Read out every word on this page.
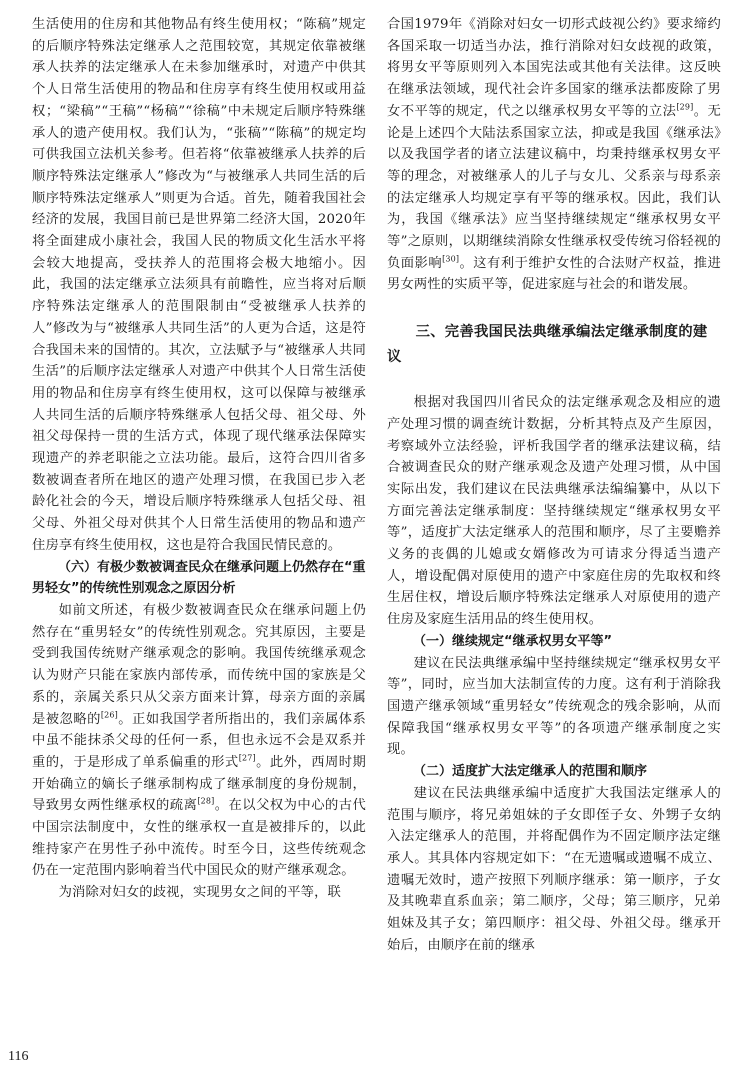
生活使用的住房和其他物品有终生使用权；“陈稿”规定的后顺序特殊法定继承人之范围较宽，其规定依靠被继承人扶养的法定继承人在未参加继承时，对遗产中供其个人日常生活使用的物品和住房享有终生使用权或用益权；“梁稿”“王稿”“杨稿”“徐稿”中未规定后顺序特殊继承人的遗产使用权。我们认为，“张稿”“陈稿”的规定均可供我国立法机关参考。但若将“依靠被继承人扶养的后顺序特殊法定继承人”修改为“与被继承人共同生活的后顺序特殊法定继承人”则更为合适。首先，随着我国社会经济的发展，我国目前已是世界第二经济大国，2020年将全面建成小康社会，我国人民的物质文化生活水平将会较大地提高，受扶养人的范围将会极大地缩小。因此，我国的法定继承立法须具有前瞻性，应当将对后顺序特殊法定继承人的范围限制由“受被继承人扶养的人”修改为与“被继承人共同生活”的人更为合适，这是符合我国未来的国情的。其次，立法赋予与“被继承人共同生活”的后顺序法定继承人对遗产中供其个人日常生活使用的物品和住房享有终生使用权，这可以保障与被继承人共同生活的后顺序特殊继承人包括父母、祖父母、外祖父母保持一贯的生活方式，体现了现代继承法保障实现遗产的养老职能之立法功能。最后，这符合四川省多数被调查者所在地区的遗产处理习惯，在我国已步入老龄化社会的今天，增设后顺序特殊继承人包括父母、祖父母、外祖父母对供其个人日常生活使用的物品和遗产住房享有终生使用权，这也是符合我国民情民意的。

（六）有极少数被调查民众在继承问题上仍然存在“重男轻女”的传统性别观念之原因分析

如前文所述，有极少数被调查民众在继承问题上仍然存在“重男轻女”的传统性别观念。究其原因，主要是受到我国传统财产继承观念的影响。我国传统继承观念认为财产只能在家族内部传承，而传统中国的家族是父系的，亲属关系只从父亲方面来计算，母亲方面的亲属是被忽略的[26]。正如我国学者所指出的，我们亲属体系中虽不能抹杀父母的任何一系，但也永远不会是双系并重的，于是形成了单系偏重的形式[27]。此外，西周时期开始确立的嫡长子继承制构成了继承制度的身份规制，导致男女两性继承权的疏离[28]。在以父权为中心的古代中国宗法制度中，女性的继承权一直是被排斥的，以此维持家产在男性子孙中流传。时至今日，这些传统观念仍在一定范围内影响着当代中国民众的财产继承观念。

为消除对妇女的歧视，实现男女之间的平等，联

合国1979年《消除对妇女一切形式歧视公约》要求缔约各国采取一切适当办法，推行消除对妇女歧视的政策，将男女平等原则列入本国宪法或其他有关法律。这反映在继承法领域，现代社会许多国家的继承法都废除了男女不平等的规定，代之以继承权男女平等的立法[29]。无论是上述四个大陆法系国家立法，抑或是我国《继承法》以及我国学者的诸立法建议稿中，均秉持继承权男女平等的理念，对被继承人的儿子与女儿、父系亲与母系亲的法定继承人均规定享有平等的继承权。因此，我们认为，我国《继承法》应当坚持继续规定“继承权男女平等”之原则，以期继续消除女性继承权受传统习俗轻视的负面影响[30]。这有利于维护女性的合法财产权益，推进男女两性的实质平等，促进家庭与社会的和谐发展。

三、完善我国民法典继承编法定继承制度的建议

根据对我国四川省民众的法定继承观念及相应的遗产处理习惯的调查统计数据，分析其特点及产生原因，考察域外立法经验，评析我国学者的继承法建议稿，结合被调查民众的财产继承观念及遗产处理习惯，从中国实际出发，我们建议在民法典继承法编编纂中，从以下方面完善法定继承制度：坚持继续规定“继承权男女平等”，适度扩大法定继承人的范围和顺序，尽了主要赡养义务的丧偶的儿媳或女婿修改为可请求分得适当遗产人，增设配偶对原使用的遗产中家庭住房的先取权和终生居住权，增设后顺序特殊法定继承人对原使用的遗产住房及家庭生活用品的终生使用权。

（一）继续规定“继承权男女平等”

建议在民法典继承编中坚持继续规定“继承权男女平等”，同时，应当加大法制宣传的力度。这有利于消除我国遗产继承领域“重男轻女”传统观念的残余影响，从而保障我国“继承权男女平等”的各项遗产继承制度之实现。

（二）适度扩大法定继承人的范围和顺序

建议在民法典继承编中适度扩大我国法定继承人的范围与顺序，将兄弟姐妹的子女即侄子女、外甥子女纳入法定继承人的范围，并将配偶作为不固定顺序法定继承人。其具体内容规定如下：“在无遗嘱或遗嘱不成立、遗嘱无效时，遗产按照下列顺序继承：第一顺序，子女及其晚辈直系血亲；第二顺序，父母；第三顺序，兄弟姐妹及其子女；第四顺序：祖父母、外祖父母。继承开始后，由顺序在前的继承

116
